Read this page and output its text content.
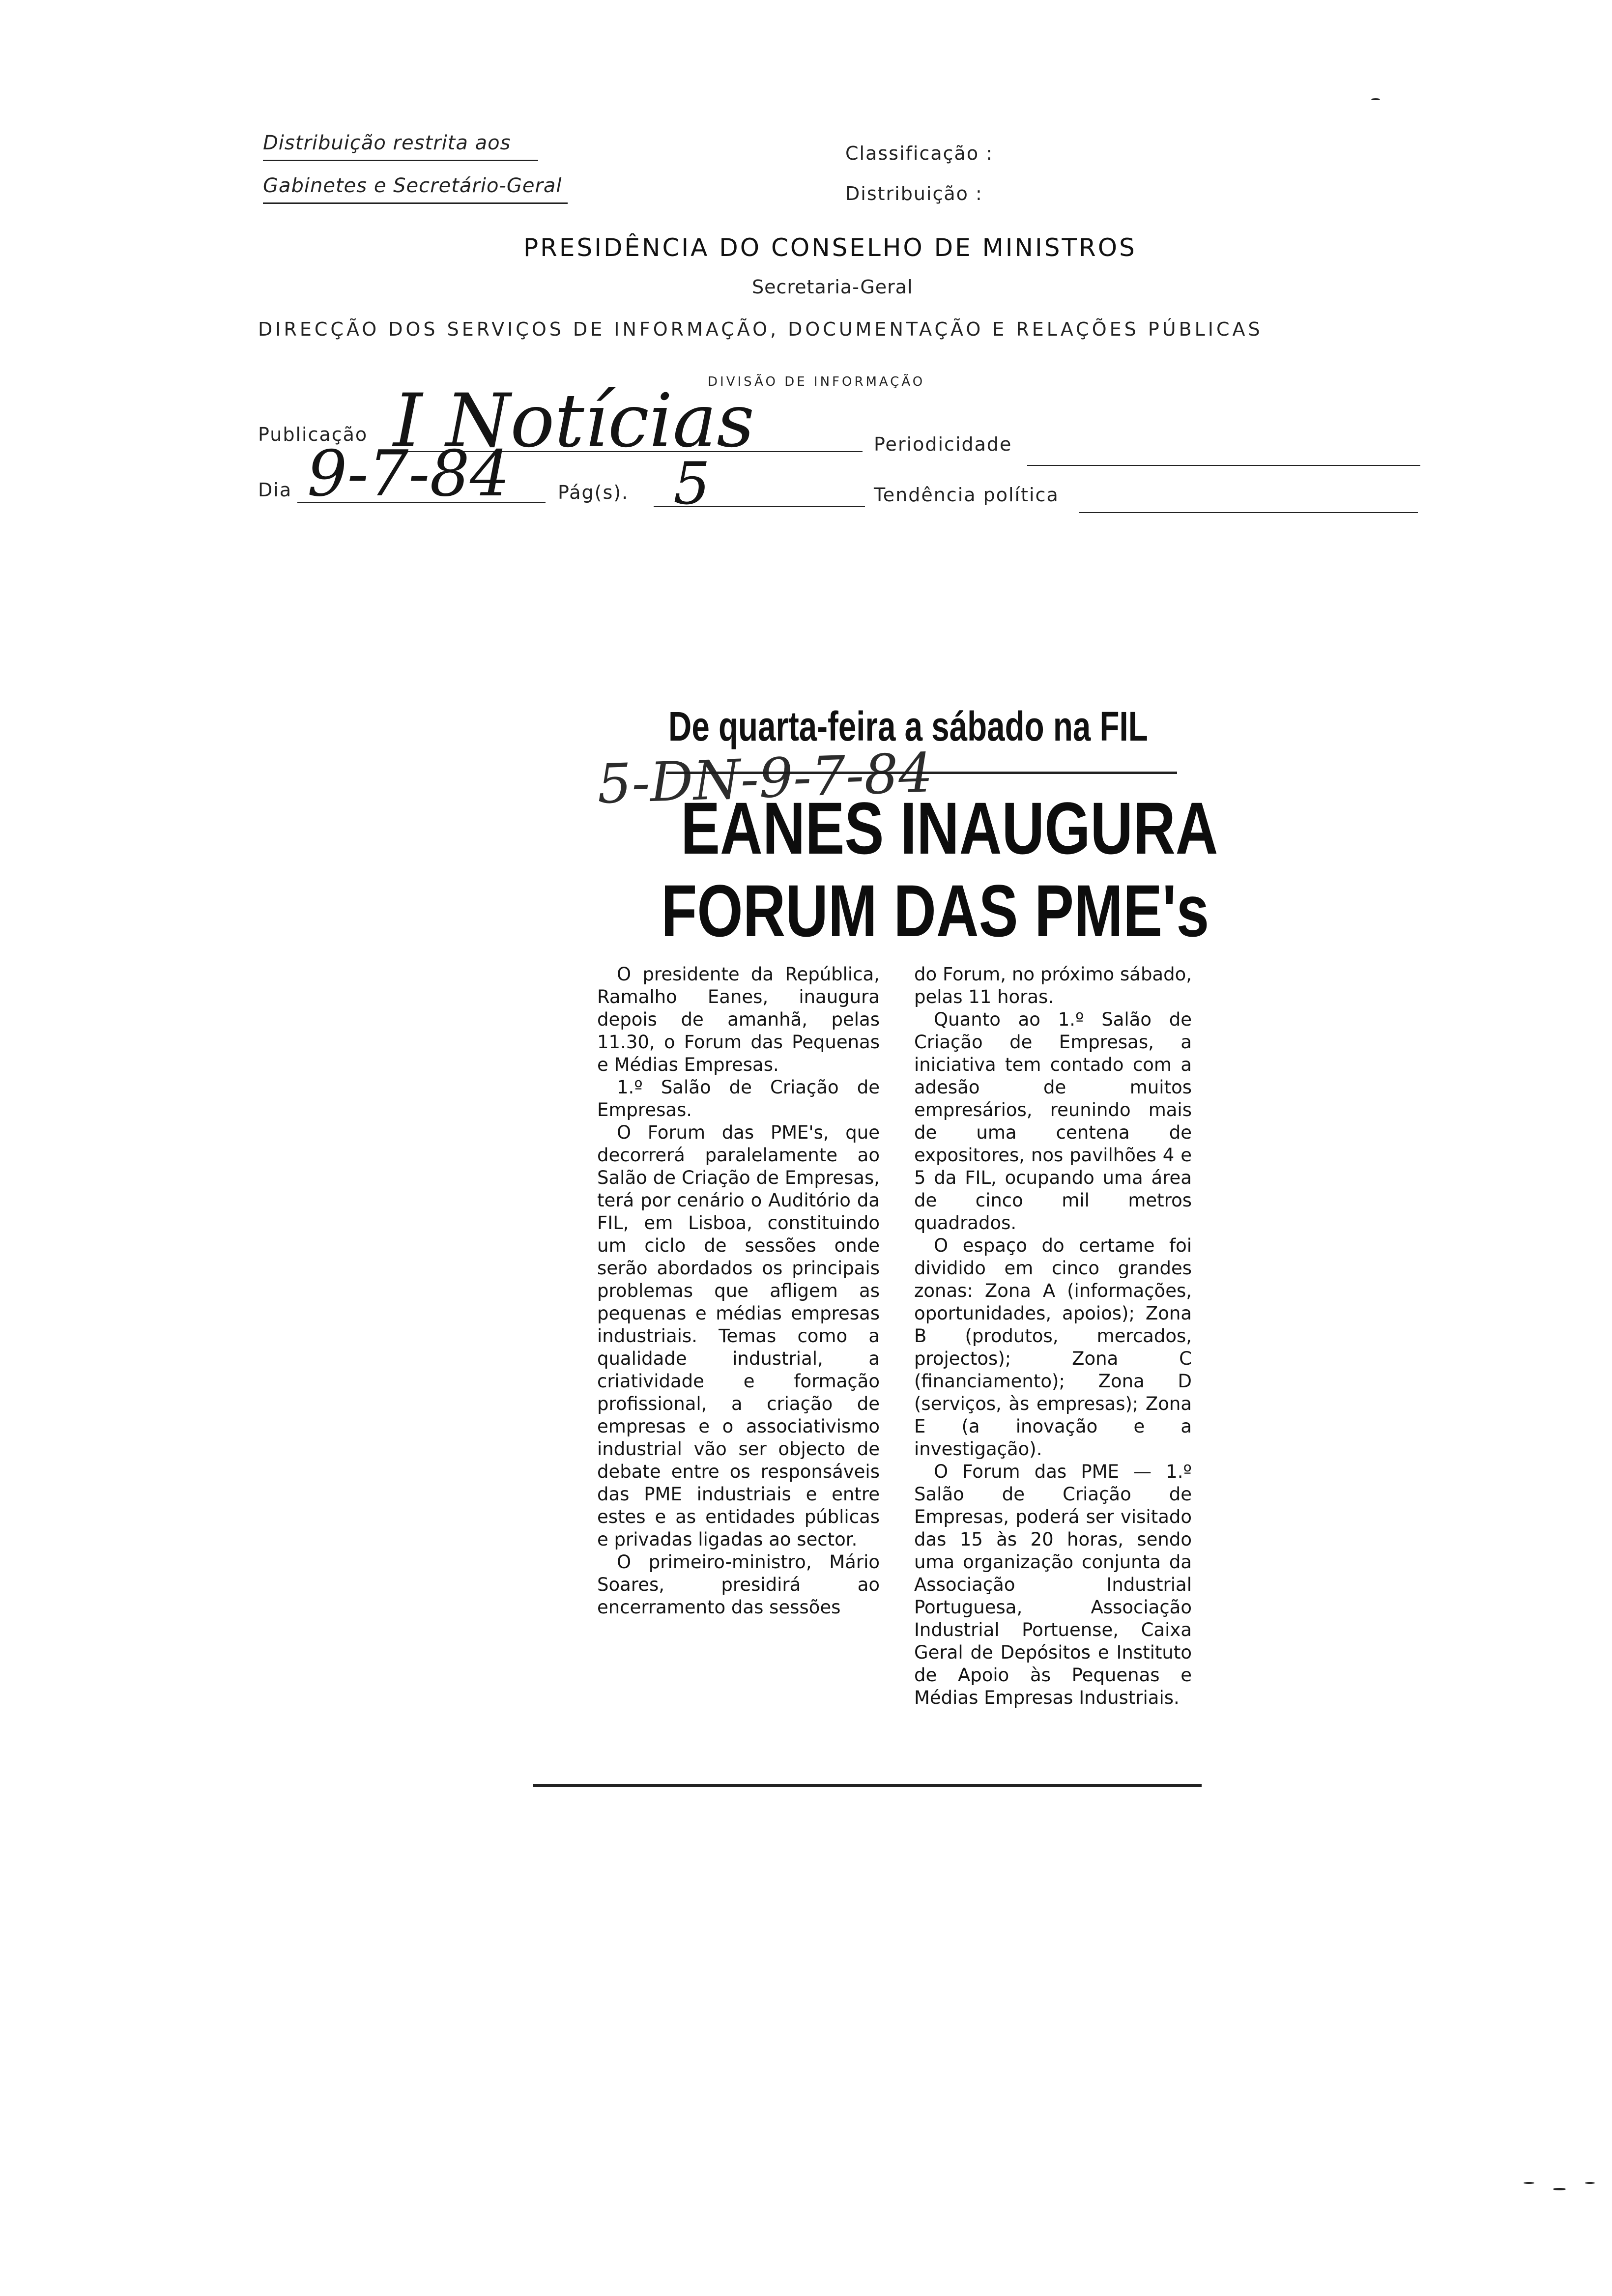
Distribuição restrita aos
Gabinetes e Secretário-Geral
Classificação :
Distribuição :
PRESIDÊNCIA DO CONSELHO DE MINISTROS
Secretaria-Geral
DIRECÇÃO DOS SERVIÇOS DE INFORMAÇÃO, DOCUMENTAÇÃO E RELAÇÕES PÚBLICAS
DIVISÃO DE INFORMAÇÃO
Publicação I Notícias	Periodicidade
Dia 9-7-84	Pág(s). 5	Tendência política
De quarta-feira a sábado na FIL
EANES INAUGURA
5-DN-9-7-84
FORUM DAS PME's

O presidente da República, Ramalho Eanes, inaugura depois de amanhã, pelas 11.30, o Forum das Pequenas e Médias Empresas.

1.º Salão de Criação de Empresas.

O Forum das PME's, que decorrerá paralelamente ao Salão de Criação de Empresas, terá por cenário o Auditório da FIL, em Lisboa, constituindo um ciclo de sessões onde serão abordados os principais problemas que afligem as pequenas e médias empresas industriais. Temas como a qualidade industrial, a criatividade e formação profissional, a criação de empresas e o associativismo industrial vão ser objecto de debate entre os responsáveis das PME industriais e entre estes e as entidades públicas e privadas ligadas ao sector.

O primeiro-ministro, Mário Soares, presidirá ao encerramento das sessões

do Forum, no próximo sábado, pelas 11 horas.

Quanto ao 1.º Salão de Criação de Empresas, a iniciativa tem contado com a adesão de muitos empresários, reunindo mais de uma centena de expositores, nos pavilhões 4 e 5 da FIL, ocupando uma área de cinco mil metros quadrados.

O espaço do certame foi dividido em cinco grandes zonas: Zona A (informações, oportunidades, apoios); Zona B (produtos, mercados, projectos); Zona C (financiamento); Zona D (serviços, às empresas); Zona E (a inovação e a investigação).

O Forum das PME — 1.º Salão de Criação de Empresas, poderá ser visitado das 15 às 20 horas, sendo uma organização conjunta da Associação Industrial Portuguesa, Associação Industrial Portuense, Caixa Geral de Depósitos e Instituto de Apoio às Pequenas e Médias Empresas Industriais.
